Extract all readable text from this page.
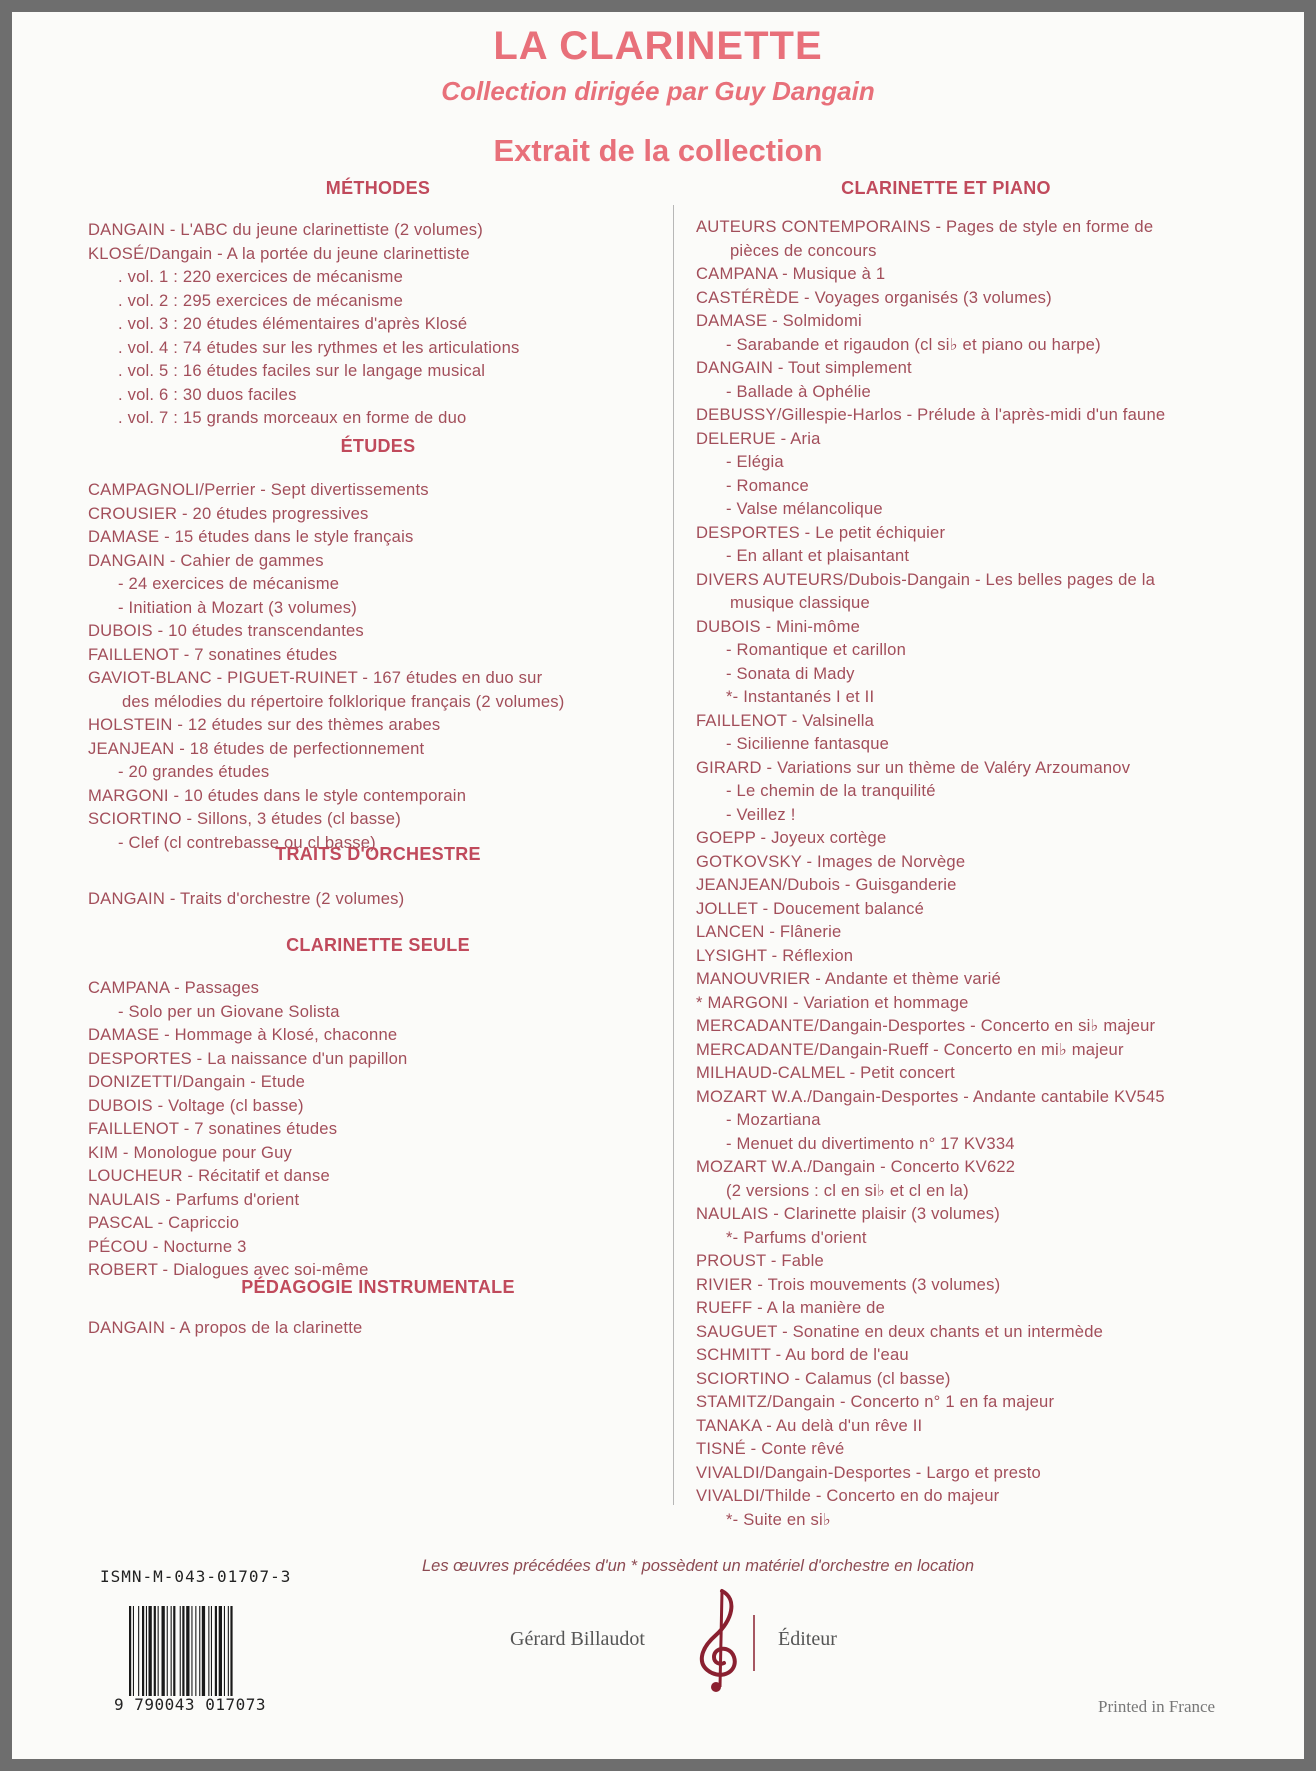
LA CLARINETTE
Collection dirigée par Guy Dangain
Extrait de la collection
MÉTHODES
DANGAIN - L'ABC du jeune clarinettiste (2 volumes)
KLOSÉ/Dangain - A la portée du jeune clarinettiste
. vol. 1 : 220 exercices de mécanisme
. vol. 2 : 295 exercices de mécanisme
. vol. 3 : 20 études élémentaires d'après Klosé
. vol. 4 : 74 études sur les rythmes et les articulations
. vol. 5 : 16 études faciles sur le langage musical
. vol. 6 : 30 duos faciles
. vol. 7 : 15 grands morceaux en forme de duo
ÉTUDES
CAMPAGNOLI/Perrier - Sept divertissements
CROUSIER - 20 études progressives
DAMASE - 15 études dans le style français
DANGAIN - Cahier de gammes
- 24 exercices de mécanisme
- Initiation à Mozart (3 volumes)
DUBOIS - 10 études transcendantes
FAILLENOT - 7 sonatines études
GAVIOT-BLANC - PIGUET-RUINET - 167 études en duo sur
des mélodies du répertoire folklorique français (2 volumes)
HOLSTEIN - 12 études sur des thèmes arabes
JEANJEAN - 18 études de perfectionnement
- 20 grandes études
MARGONI - 10 études dans le style contemporain
SCIORTINO - Sillons, 3 études (cl basse)
- Clef (cl contrebasse ou cl basse)
TRAITS D'ORCHESTRE
DANGAIN - Traits d'orchestre (2 volumes)
CLARINETTE SEULE
CAMPANA - Passages
- Solo per un Giovane Solista
DAMASE - Hommage à Klosé, chaconne
DESPORTES - La naissance d'un papillon
DONIZETTI/Dangain - Etude
DUBOIS - Voltage (cl basse)
FAILLENOT - 7 sonatines études
KIM - Monologue pour Guy
LOUCHEUR - Récitatif et danse
NAULAIS - Parfums d'orient
PASCAL - Capriccio
PÉCOU - Nocturne 3
ROBERT - Dialogues avec soi-même
PÉDAGOGIE INSTRUMENTALE
DANGAIN - A propos de la clarinette
CLARINETTE ET PIANO
AUTEURS CONTEMPORAINS - Pages de style en forme de
pièces de concours
CAMPANA - Musique à 1
CASTÉRÈDE - Voyages organisés (3 volumes)
DAMASE - Solmidomi
- Sarabande et rigaudon (cl si♭ et piano ou harpe)
DANGAIN - Tout simplement
- Ballade à Ophélie
DEBUSSY/Gillespie-Harlos - Prélude à l'après-midi d'un faune
DELERUE - Aria
- Elégia
- Romance
- Valse mélancolique
DESPORTES - Le petit échiquier
- En allant et plaisantant
DIVERS AUTEURS/Dubois-Dangain - Les belles pages de la
musique classique
DUBOIS - Mini-môme
- Romantique et carillon
- Sonata di Mady
*- Instantanés I et II
FAILLENOT - Valsinella
- Sicilienne fantasque
GIRARD - Variations sur un thème de Valéry Arzoumanov
- Le chemin de la tranquilité
- Veillez !
GOEPP - Joyeux cortège
GOTKOVSKY - Images de Norvège
JEANJEAN/Dubois - Guisganderie
JOLLET - Doucement balancé
LANCEN - Flânerie
LYSIGHT - Réflexion
MANOUVRIER - Andante et thème varié
* MARGONI - Variation et hommage
MERCADANTE/Dangain-Desportes - Concerto en si♭ majeur
MERCADANTE/Dangain-Rueff - Concerto en mi♭ majeur
MILHAUD-CALMEL - Petit concert
MOZART W.A./Dangain-Desportes - Andante cantabile KV545
- Mozartiana
- Menuet du divertimento n° 17 KV334
MOZART W.A./Dangain - Concerto KV622
(2 versions : cl en si♭ et cl en la)
NAULAIS - Clarinette plaisir (3 volumes)
*- Parfums d'orient
PROUST - Fable
RIVIER - Trois mouvements (3 volumes)
RUEFF - A la manière de
SAUGUET - Sonatine en deux chants et un intermède
SCHMITT - Au bord de l'eau
SCIORTINO - Calamus (cl basse)
STAMITZ/Dangain - Concerto n° 1 en fa majeur
TANAKA - Au delà d'un rêve II
TISNÉ - Conte rêvé
VIVALDI/Dangain-Desportes - Largo et presto
VIVALDI/Thilde - Concerto en do majeur
*- Suite en si♭
Les œuvres précédées d'un * possèdent un matériel d'orchestre en location
ISMN-M-043-01707-3
9 790043 017073
Gérard Billaudot	Éditeur
Printed in France
